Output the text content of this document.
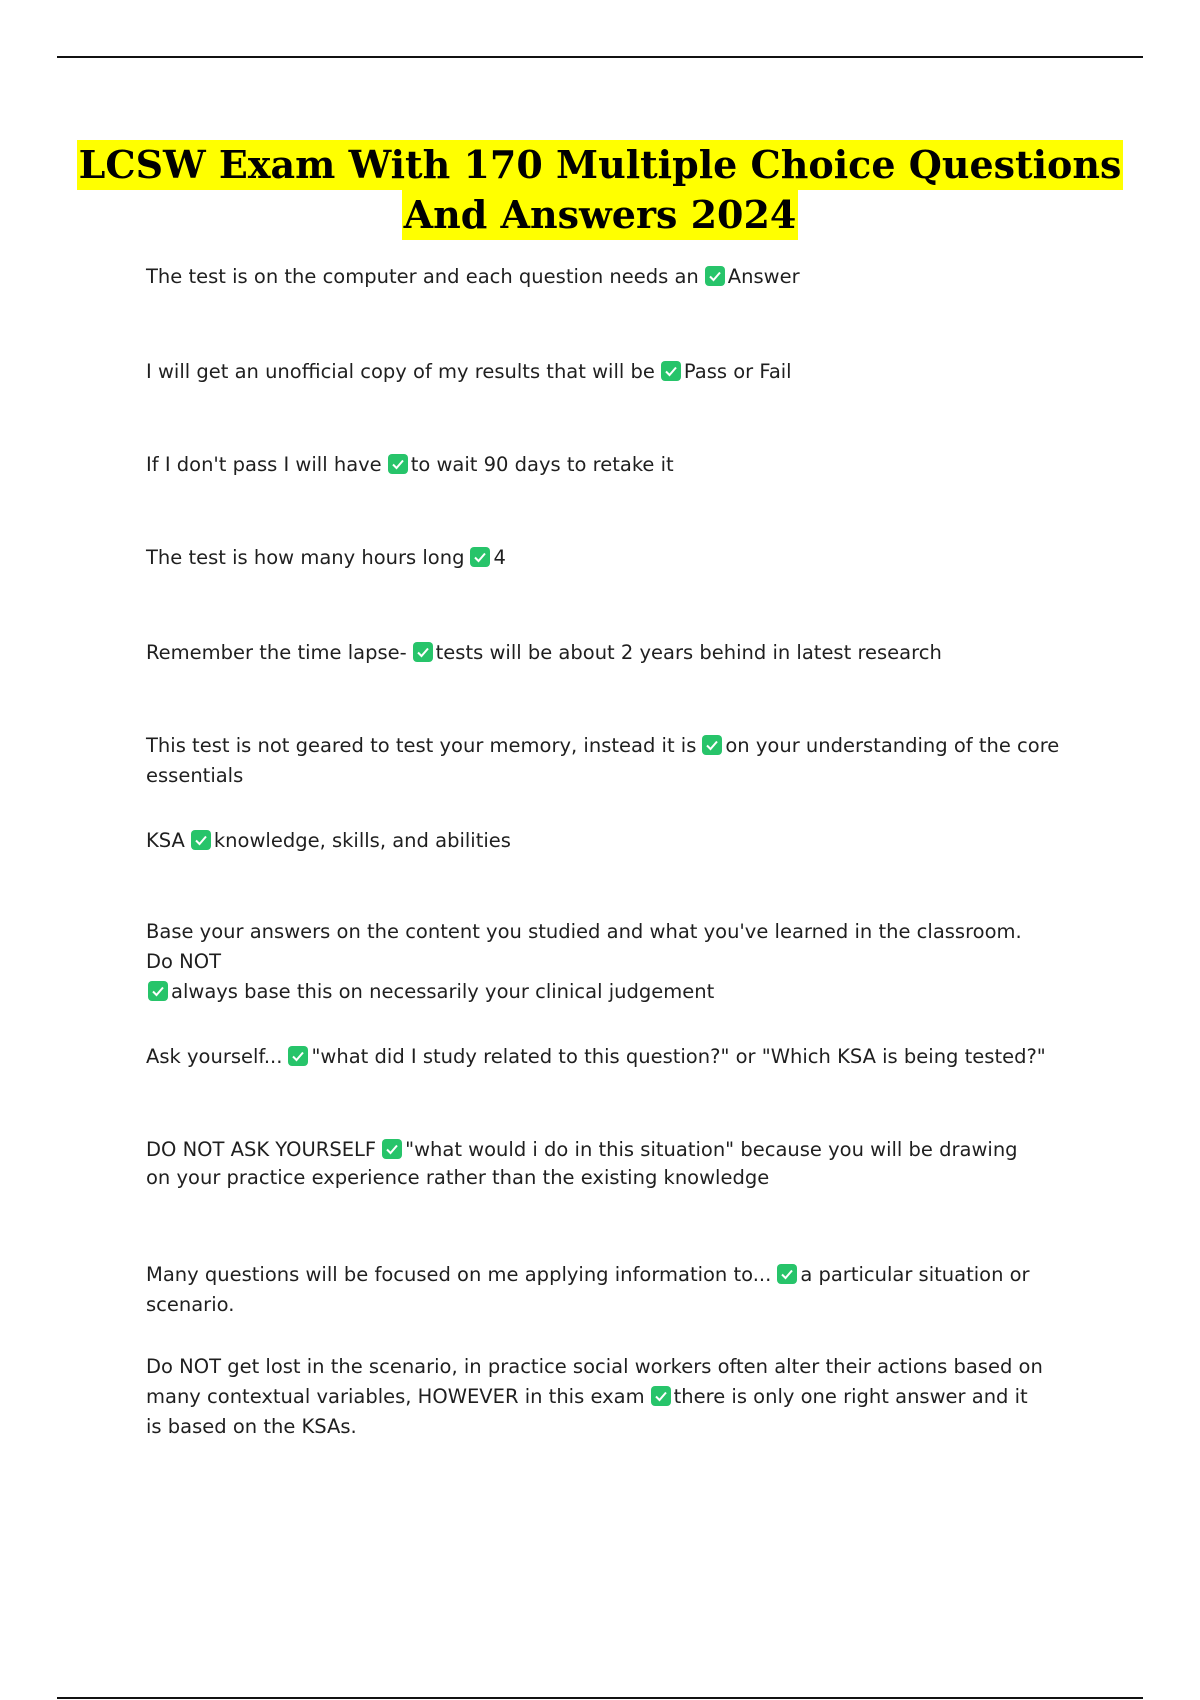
LCSW Exam With 170 Multiple Choice Questions
And Answers 2024
The test is on the computer and each question needs an Answer
I will get an unofficial copy of my results that will be Pass or Fail
If I don't pass I will have to wait 90 days to retake it
The test is how many hours long 4
Remember the time lapse- tests will be about 2 years behind in latest research
This test is not geared to test your memory, instead it is on your understanding of the core essentials
KSA knowledge, skills, and abilities
Base your answers on the content you studied and what you've learned in the classroom. Do NOT

always base this on necessarily your clinical judgement
Ask yourself... "what did I study related to this question?" or "Which KSA is being tested?"
DO NOT ASK YOURSELF "what would i do in this situation" because you will be drawing on your practice experience rather than the existing knowledge
Many questions will be focused on me applying information to... a particular situation or scenario.
Do NOT get lost in the scenario, in practice social workers often alter their actions based on many contextual variables, HOWEVER in this exam there is only one right answer and it is based on the KSAs.
